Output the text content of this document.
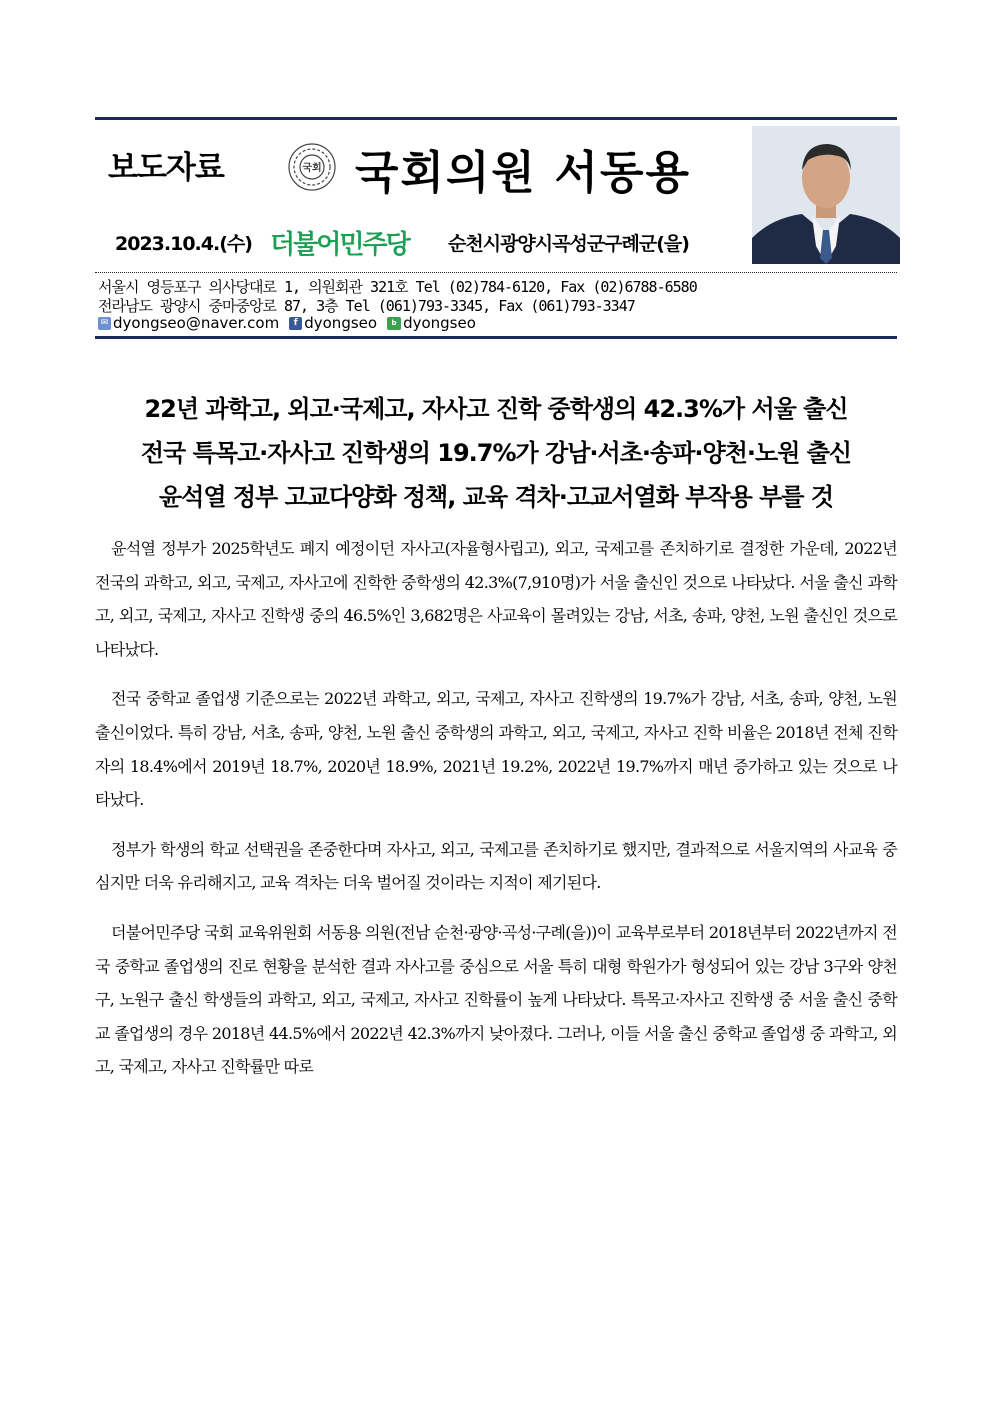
보도자료	국회 국회의원 서동용
2023.10.4.(수) 더불어민주당 순천시광양시곡성군구례군(을)
서울시 영등포구 의사당대로 1, 의원회관 321호 Tel (02)784-6120, Fax (02)6788-6580
전라남도 광양시 중마중앙로 87, 3층 Tel (061)793-3345, Fax (061)793-3347
✉ dyongseo@naver.com	f dyongseo	b dyongseo
22년 과학고, 외고·국제고, 자사고 진학 중학생의 42.3%가 서울 출신
전국 특목고·자사고 진학생의 19.7%가 강남·서초·송파·양천·노원 출신
윤석열 정부 고교다양화 정책, 교육 격차·고교서열화 부작용 부를 것

윤석열 정부가 2025학년도 폐지 예정이던 자사고(자율형사립고), 외고, 국제고를 존치하기로 결정한 가운데, 2022년 전국의 과학고, 외고, 국제고, 자사고에 진학한 중학생의 42.3%(7,910명)가 서울 출신인 것으로 나타났다. 서울 출신 과학고, 외고, 국제고, 자사고 진학생 중의 46.5%인 3,682명은 사교육이 몰려있는 강남, 서초, 송파, 양천, 노원 출신인 것으로 나타났다.

전국 중학교 졸업생 기준으로는 2022년 과학고, 외고, 국제고, 자사고 진학생의 19.7%가 강남, 서초, 송파, 양천, 노원 출신이었다. 특히 강남, 서초, 송파, 양천, 노원 출신 중학생의 과학고, 외고, 국제고, 자사고 진학 비율은 2018년 전체 진학자의 18.4%에서 2019년 18.7%, 2020년 18.9%, 2021년 19.2%, 2022년 19.7%까지 매년 증가하고 있는 것으로 나타났다.

정부가 학생의 학교 선택권을 존중한다며 자사고, 외고, 국제고를 존치하기로 했지만, 결과적으로 서울지역의 사교육 중심지만 더욱 유리해지고, 교육 격차는 더욱 벌어질 것이라는 지적이 제기된다.

더불어민주당 국회 교육위원회 서동용 의원(전남 순천·광양·곡성·구례(을))이 교육부로부터 2018년부터 2022년까지 전국 중학교 졸업생의 진로 현황을 분석한 결과 자사고를 중심으로 서울 특히 대형 학원가가 형성되어 있는 강남 3구와 양천구, 노원구 출신 학생들의 과학고, 외고, 국제고, 자사고 진학률이 높게 나타났다. 특목고·자사고 진학생 중 서울 출신 중학교 졸업생의 경우 2018년 44.5%에서 2022년 42.3%까지 낮아졌다. 그러나, 이들 서울 출신 중학교 졸업생 중 과학고, 외고, 국제고, 자사고 진학률만 따로
